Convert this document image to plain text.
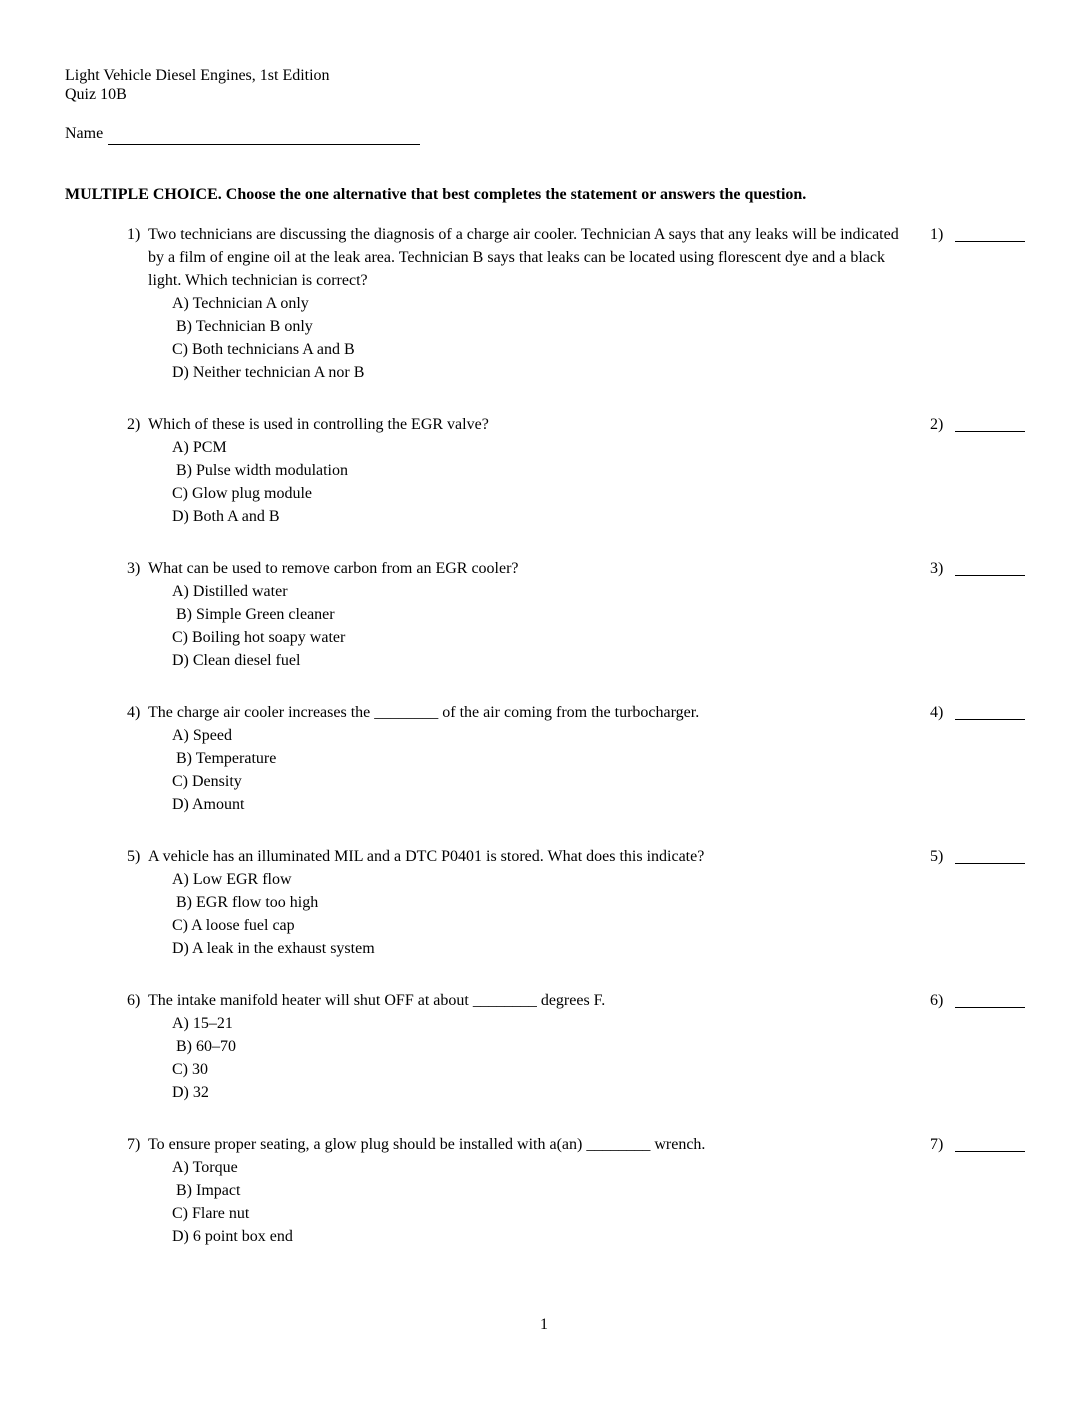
Light Vehicle Diesel Engines, 1st Edition
Quiz 10B
Name
MULTIPLE CHOICE. Choose the one alternative that best completes the statement or answers the question.
1) Two technicians are discussing the diagnosis of a charge air cooler. Technician A says that any leaks will be indicated by a film of engine oil at the leak area. Technician B says that leaks can be located using florescent dye and a black light. Which technician is correct?
A) Technician A only
B) Technician B only
C) Both technicians A and B
D) Neither technician A nor B
1)
2) Which of these is used in controlling the EGR valve?
A) PCM
B) Pulse width modulation
C) Glow plug module
D) Both A and B
2)
3) What can be used to remove carbon from an EGR cooler?
A) Distilled water
B) Simple Green cleaner
C) Boiling hot soapy water
D) Clean diesel fuel
3)
4) The charge air cooler increases the ________ of the air coming from the turbocharger.
A) Speed
B) Temperature
C) Density
D) Amount
4)
5) A vehicle has an illuminated MIL and a DTC P0401 is stored. What does this indicate?
A) Low EGR flow
B) EGR flow too high
C) A loose fuel cap
D) A leak in the exhaust system
5)
6) The intake manifold heater will shut OFF at about ________ degrees F.
A) 15–21
B) 60–70
C) 30
D) 32
6)
7) To ensure proper seating, a glow plug should be installed with a(an) ________ wrench.
A) Torque
B) Impact
C) Flare nut
D) 6 point box end
7)
1
